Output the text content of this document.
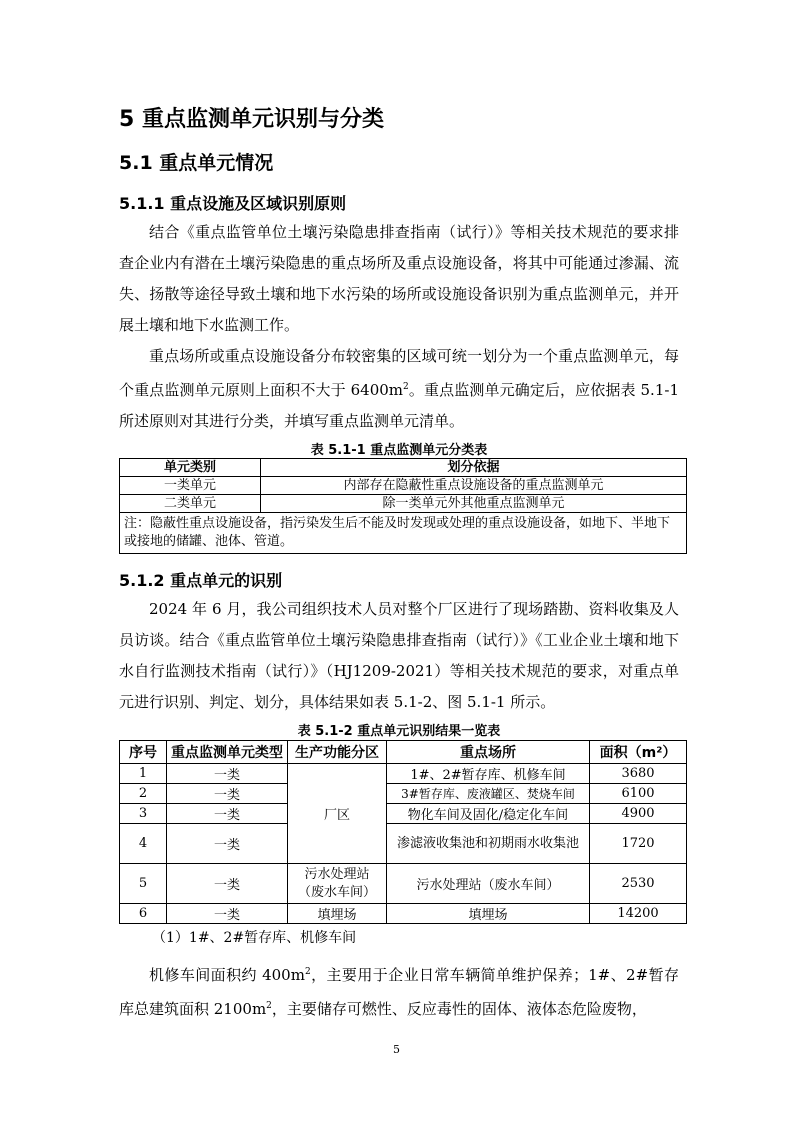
5 重点监测单元识别与分类
5.1 重点单元情况
5.1.1 重点设施及区域识别原则

结合《重点监管单位土壤污染隐患排查指南（试行）》等相关技术规范的要求排查企业内有潜在土壤污染隐患的重点场所及重点设施设备，将其中可能通过渗漏、流失、扬散等途径导致土壤和地下水污染的场所或设施设备识别为重点监测单元，并开展土壤和地下水监测工作。

重点场所或重点设施设备分布较密集的区域可统一划分为一个重点监测单元，每个重点监测单元原则上面积不大于 $6400m^2$。重点监测单元确定后，应依据表 5.1-1 所述原则对其进行分类，并填写重点监测单元清单。

表 5.1-1 重点监测单元分类表
单元类别	划分依据
一类单元	内部存在隐蔽性重点设施设备的重点监测单元
二类单元	除一类单元外其他重点监测单元
注：隐蔽性重点设施设备，指污染发生后不能及时发现或处理的重点设施设备，如地下、半地下或接地的储罐、池体、管道。	
5.1.2 重点单元的识别

2024 年 6 月，我公司组织技术人员对整个厂区进行了现场踏勘、资料收集及人员访谈。结合《重点监管单位土壤污染隐患排查指南（试行）》《工业企业土壤和地下水自行监测技术指南（试行）》（HJ1209-2021）等相关技术规范的要求，对重点单元进行识别、判定、划分，具体结果如表 5.1-2、图 5.1-1 所示。

表 5.1-2 重点单元识别结果一览表
序号	重点监测单元类型	生产功能分区	重点场所	面积（m²）
1	一类	厂区	1#、2#暂存库、机修车间	3680
2	一类		3#暂存库、废液罐区、焚烧车间	6100
3	一类		物化车间及固化/稳定化车间	4900
4	一类		渗滤液收集池和初期雨水收集池	1720
5	一类	污水处理站（废水车间）	污水处理站（废水车间）	2530
6	一类	填埋场	填埋场	14200
（1）1#、2#暂存库、机修车间

机修车间面积约 $400m^2$，主要用于企业日常车辆简单维护保养；1#、2#暂存库总建筑面积 $2100m^2$，主要储存可燃性、反应毒性的固体、液体态危险废物，

5
